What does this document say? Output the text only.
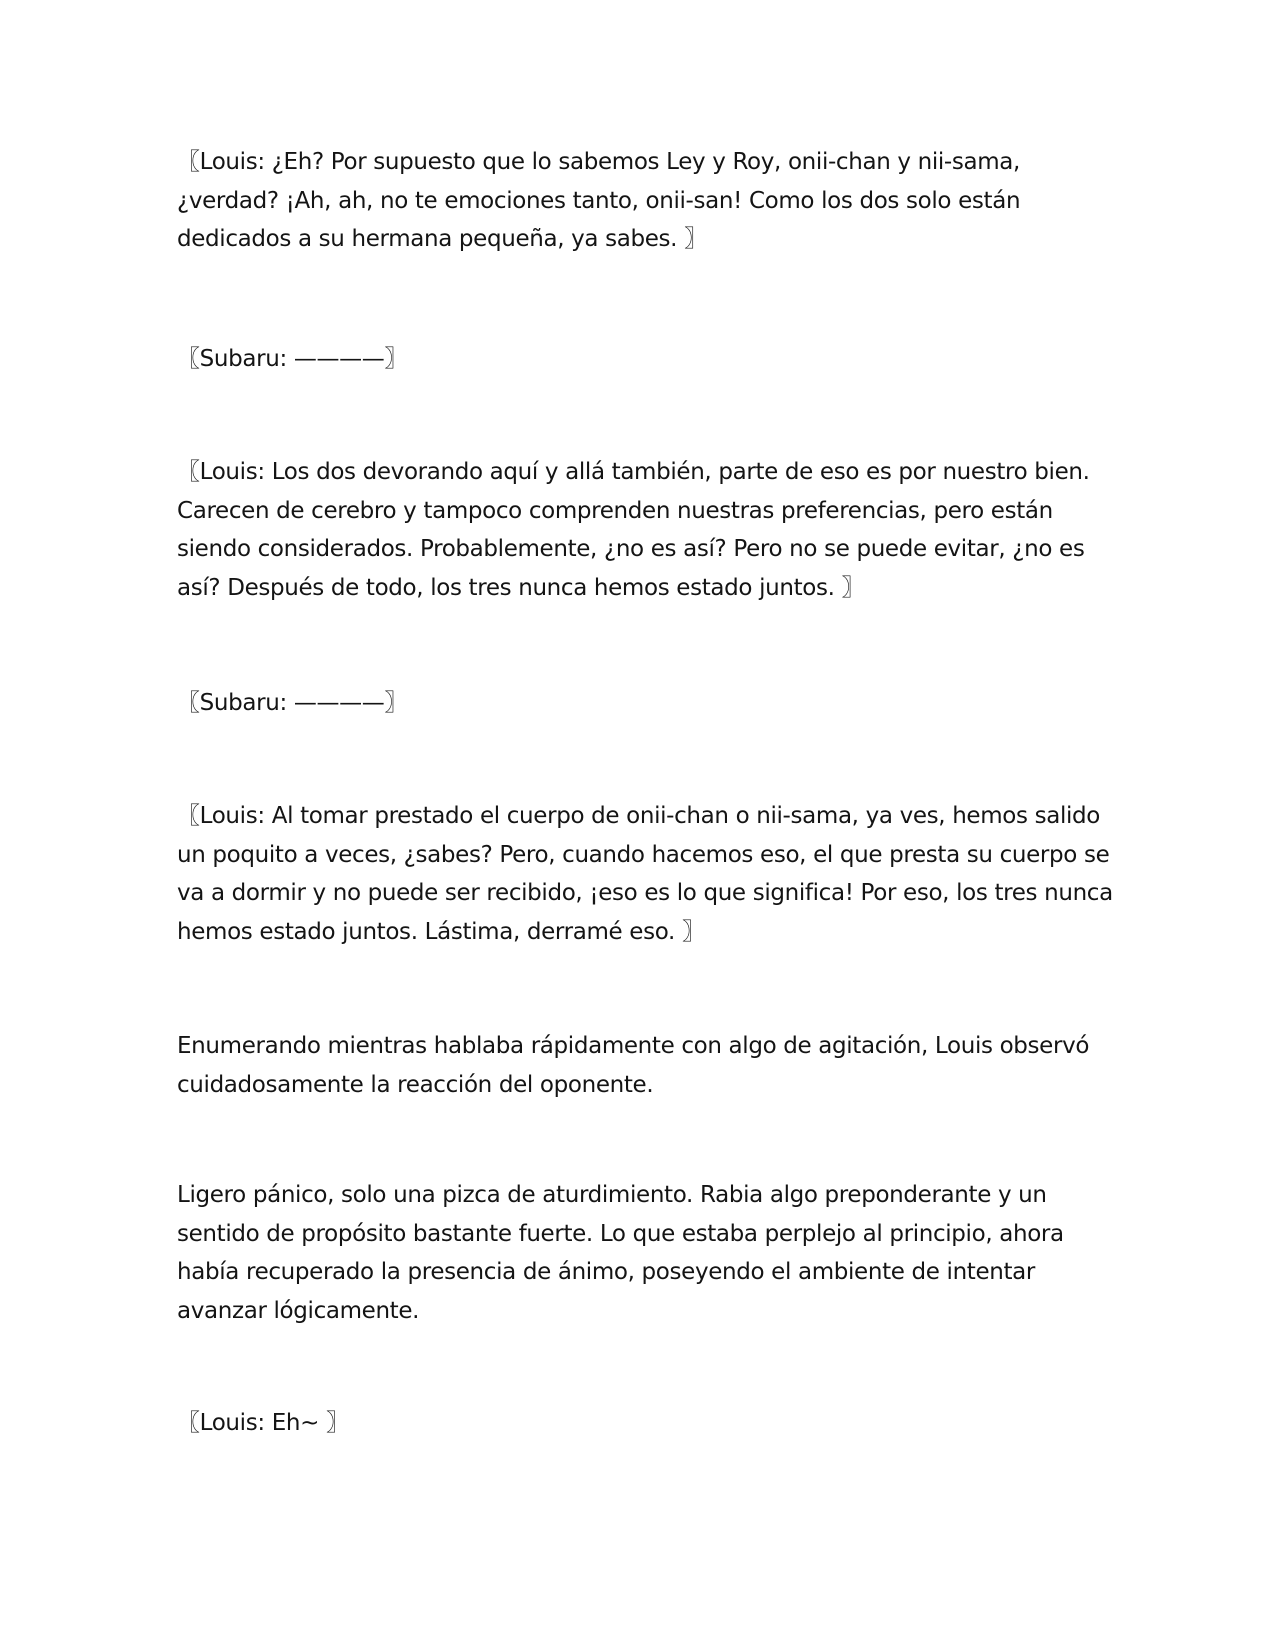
〖Louis: ¿Eh? Por supuesto que lo sabemos Ley y Roy, onii-chan y nii-sama, ¿verdad? ¡Ah, ah, no te emociones tanto, onii-san! Como los dos solo están dedicados a su hermana pequeña, ya sabes. 〗

〖Subaru: ————〗

〖Louis: Los dos devorando aquí y allá también, parte de eso es por nuestro bien. Carecen de cerebro y tampoco comprenden nuestras preferencias, pero están siendo considerados. Probablemente, ¿no es así? Pero no se puede evitar, ¿no es así? Después de todo, los tres nunca hemos estado juntos. 〗

〖Subaru: ————〗

〖Louis: Al tomar prestado el cuerpo de onii-chan o nii-sama, ya ves, hemos salido un poquito a veces, ¿sabes? Pero, cuando hacemos eso, el que presta su cuerpo se va a dormir y no puede ser recibido, ¡eso es lo que significa! Por eso, los tres nunca hemos estado juntos. Lástima, derramé eso. 〗

Enumerando mientras hablaba rápidamente con algo de agitación, Louis observó cuidadosamente la reacción del oponente.

Ligero pánico, solo una pizca de aturdimiento. Rabia algo preponderante y un sentido de propósito bastante fuerte. Lo que estaba perplejo al principio, ahora había recuperado la presencia de ánimo, poseyendo el ambiente de intentar avanzar lógicamente.

〖Louis: Eh~ 〗
